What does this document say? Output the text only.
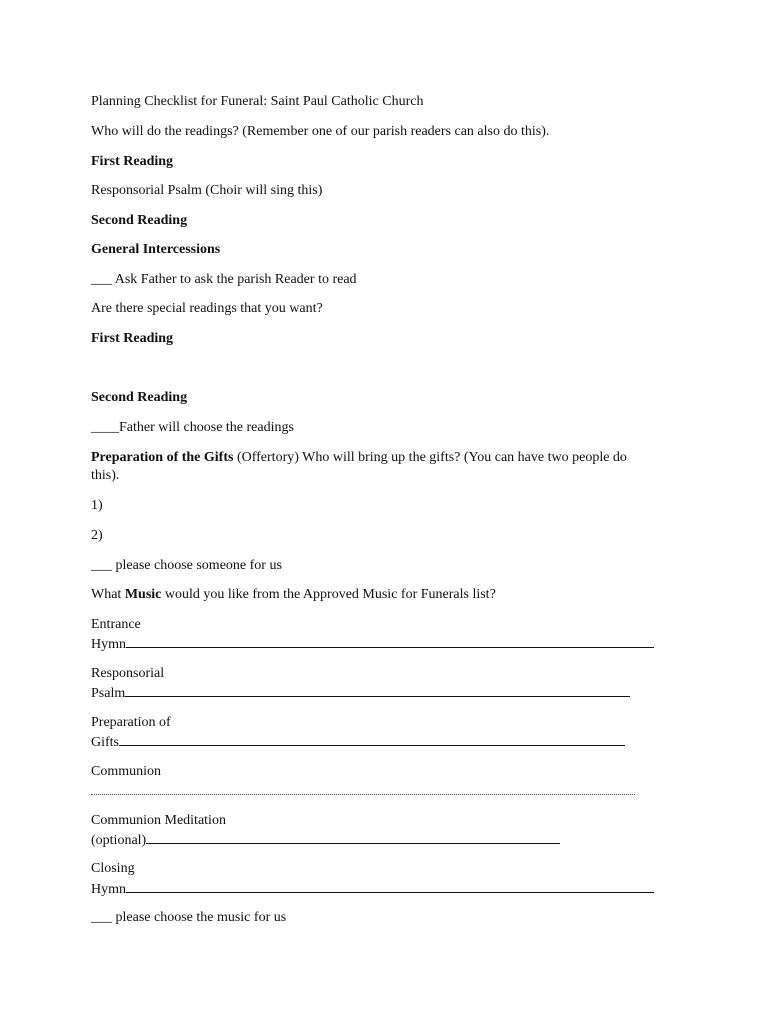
Planning Checklist for Funeral: Saint Paul Catholic Church
Who will do the readings? (Remember one of our parish readers can also do this).
First Reading
Responsorial Psalm (Choir will sing this)
Second Reading
General Intercessions
___ Ask Father to ask the parish Reader to read
Are there special readings that you want?
First Reading
Second Reading
____Father will choose the readings
Preparation of the Gifts (Offertory) Who will bring up the gifts? (You can have two people do
this).
1)
2)
___ please choose someone for us
What Music would you like from the Approved Music for Funerals list?
Entrance
Hymn
Responsorial
Psalm
Preparation of
Gifts
Communion
Communion Meditation
(optional)
Closing
Hymn
___ please choose the music for us
